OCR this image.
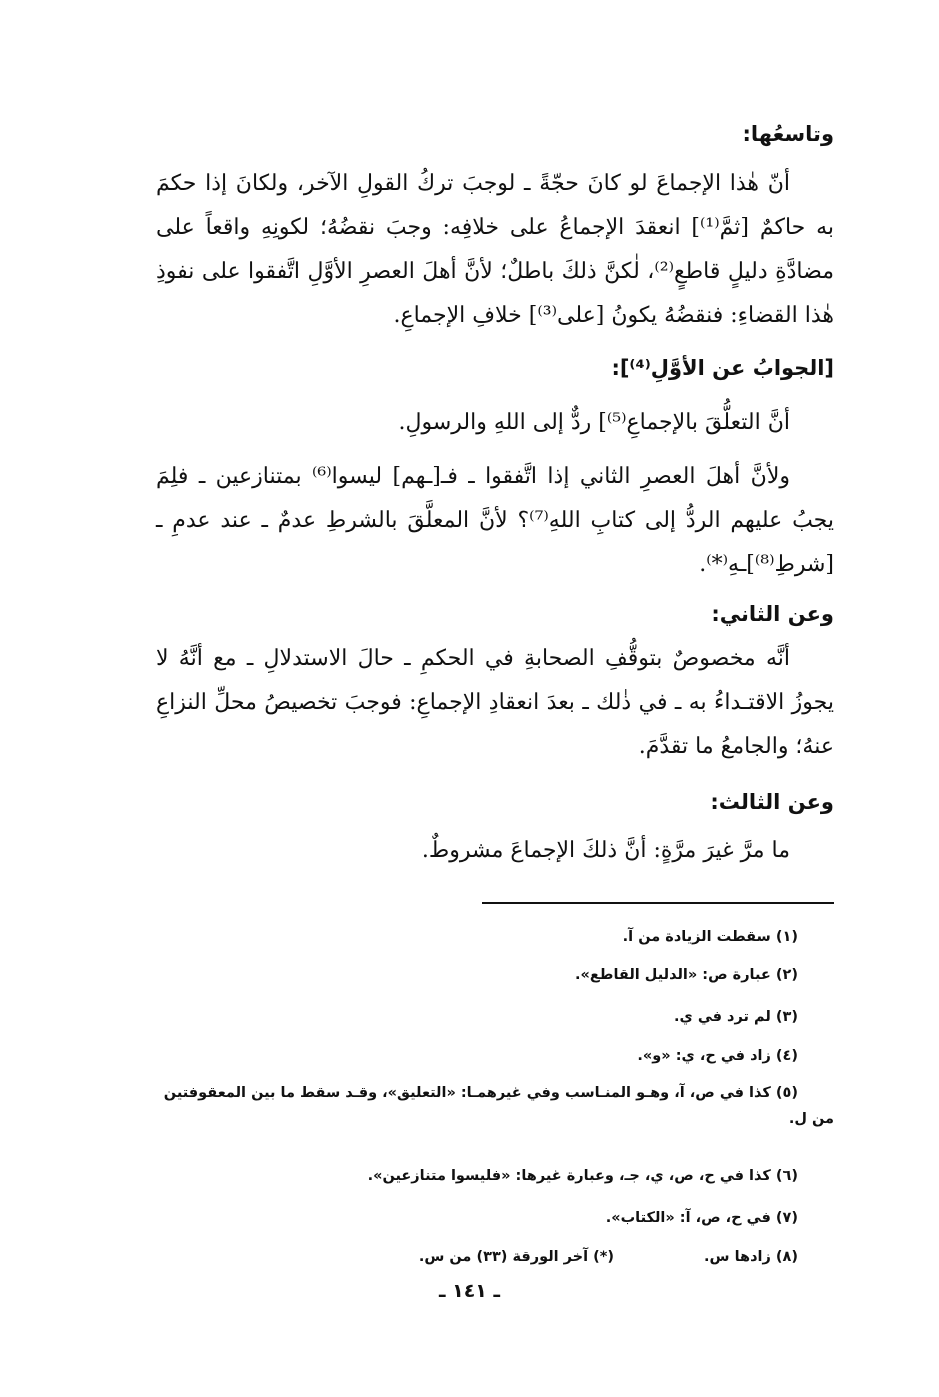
وتاسعُها:
أنّ هٰذا الإجماعَ لو كانَ حجّةً ـ لوجبَ تركُ القولِ الآخر، ولكانَ إذا حكمَ به حاكمٌ [ثمَّ⁽¹⁾] انعقدَ الإجماعُ على خلافِه: وجبَ نقضُهُ؛ لكونِهِ واقعاً على مضادَّةِ دليلٍ قاطعٍ⁽²⁾، لٰكنَّ ذلكَ باطلٌ؛ لأنَّ أهلَ العصرِ الأوَّلِ اتَّفقوا على نفوذِ هٰذا القضاءِ: فنقضُهُ يكونُ [على⁽³⁾] خلافِ الإجماعِ.
[الجوابُ عن الأوَّلِ⁽⁴⁾]:
أنَّ التعلُّقَ بالإجماعِ⁽⁵⁾] ردٌّ إلى اللهِ والرسولِ.
ولأنَّ أهلَ العصرِ الثاني إذا اتَّفقوا ـ فـ[ـهم] ليسوا⁽⁶⁾ بمتنازعين ـ فلِمَ يجبُ عليهم الردُّ إلى كتابِ اللهِ⁽⁷⁾؟ لأنَّ المعلَّقَ بالشرطِ عدمٌ ـ عند عدمِ ـ [شرطِ⁽⁸⁾]ـهِ⁽*⁾.
وعن الثاني:
أنَّه مخصوصٌ بتوقُّفِ الصحابةِ في الحكمِ ـ حالَ الاستدلالِ ـ مع أنَّهُ لا يجوزُ الاقتـداءُ به ـ في ذٰلك ـ بعدَ انعقادِ الإجماعِ: فوجبَ تخصيصُ محلِّ النزاعِ عنهُ؛ والجامعُ ما تقدَّمَ.
وعن الثالث:
ما مرَّ غيرَ مرَّةٍ: أنَّ ذلكَ الإجماعَ مشروطٌ.
(١) سقطت الزيادة من آ.
(٢) عبارة ص: «الدليل القاطع».
(٣) لم ترد في ي.
(٤) زاد في ح، ي: «و».
(٥) كذا في ص، آ، وهـو المنـاسب وفي غيرهمـا: «التعليق»، وقـد سقط ما بين المعقوفتين من ل.
(٦) كذا في ح، ص، ي، جـ، وعبارة غيرها: «فليسوا متنازعين».
(٧) في ح، ص، آ: «الكتاب».
(٨) زادها س.(*) آخر الورقة (٣٣) من س.
ـ ١٤١ ـ
